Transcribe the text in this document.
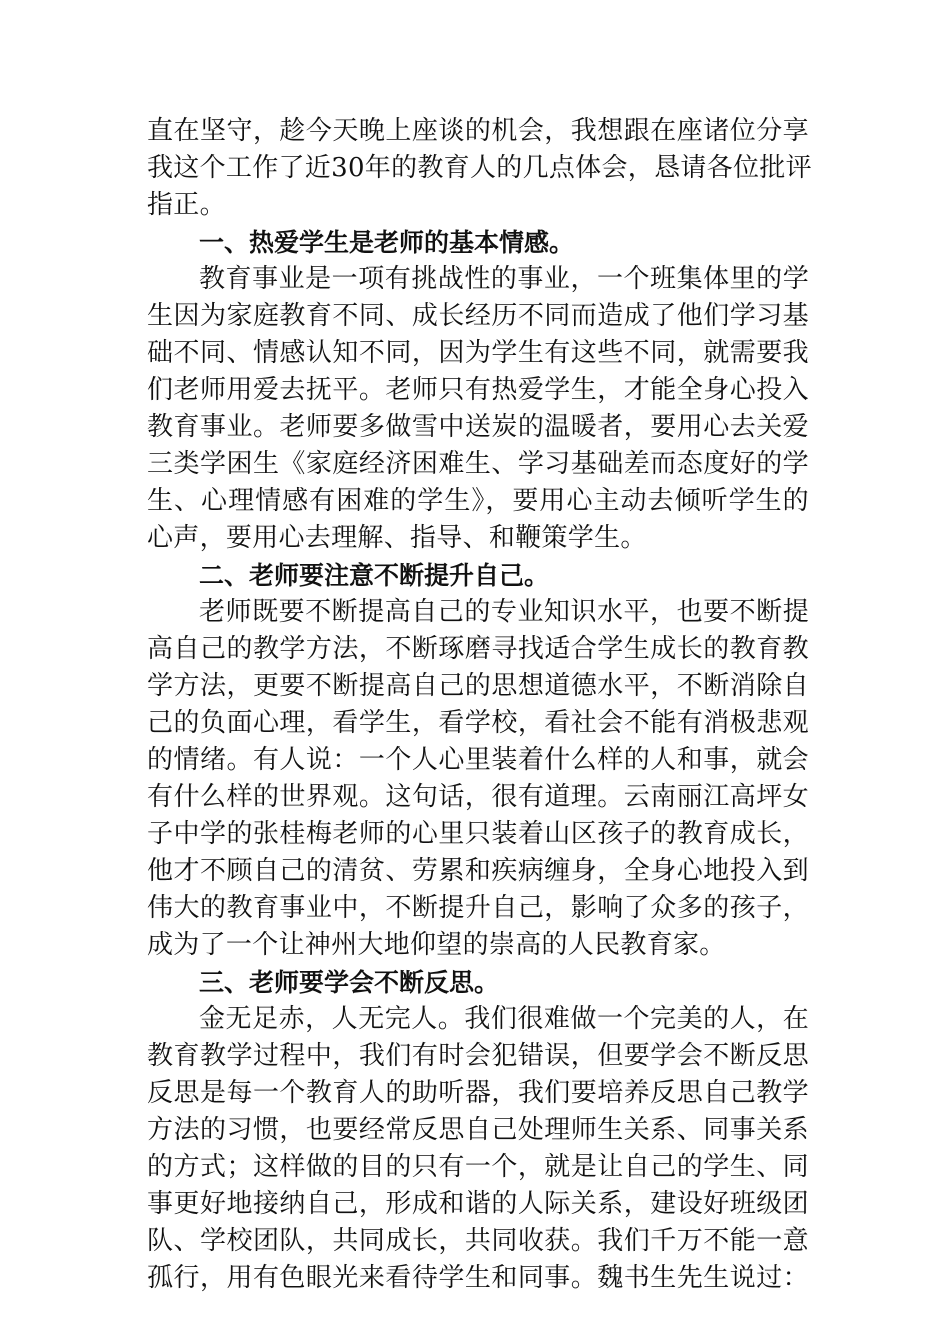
直在坚守，趁今天晚上座谈的机会，我想跟在座诸位分享
我这个工作了近30年的教育人的几点体会，恳请各位批评
指正。
一、热爱学生是老师的基本情感。
教育事业是一项有挑战性的事业，一个班集体里的学
生因为家庭教育不同、成长经历不同而造成了他们学习基
础不同、情感认知不同，因为学生有这些不同，就需要我
们老师用爱去抚平。老师只有热爱学生，才能全身心投入
教育事业。老师要多做雪中送炭的温暖者，要用心去关爱
三类学困生《家庭经济困难生、学习基础差而态度好的学
生、心理情感有困难的学生》，要用心主动去倾听学生的
心声，要用心去理解、指导、和鞭策学生。
二、老师要注意不断提升自己。
老师既要不断提高自己的专业知识水平，也要不断提
高自己的教学方法，不断琢磨寻找适合学生成长的教育教
学方法，更要不断提高自己的思想道德水平，不断消除自
己的负面心理，看学生，看学校，看社会不能有消极悲观
的情绪。有人说：一个人心里装着什么样的人和事，就会
有什么样的世界观。这句话，很有道理。云南丽江高坪女
子中学的张桂梅老师的心里只装着山区孩子的教育成长，
他才不顾自己的清贫、劳累和疾病缠身，全身心地投入到
伟大的教育事业中，不断提升自己，影响了众多的孩子，
成为了一个让神州大地仰望的崇高的人民教育家。
三、老师要学会不断反思。
金无足赤，人无完人。我们很难做一个完美的人，在
教育教学过程中，我们有时会犯错误，但要学会不断反思
反思是每一个教育人的助听器，我们要培养反思自己教学
方法的习惯，也要经常反思自己处理师生关系、同事关系
的方式；这样做的目的只有一个，就是让自己的学生、同
事更好地接纳自己，形成和谐的人际关系，建设好班级团
队、学校团队，共同成长，共同收获。我们千万不能一意
孤行，用有色眼光来看待学生和同事。魏书生先生说过：
